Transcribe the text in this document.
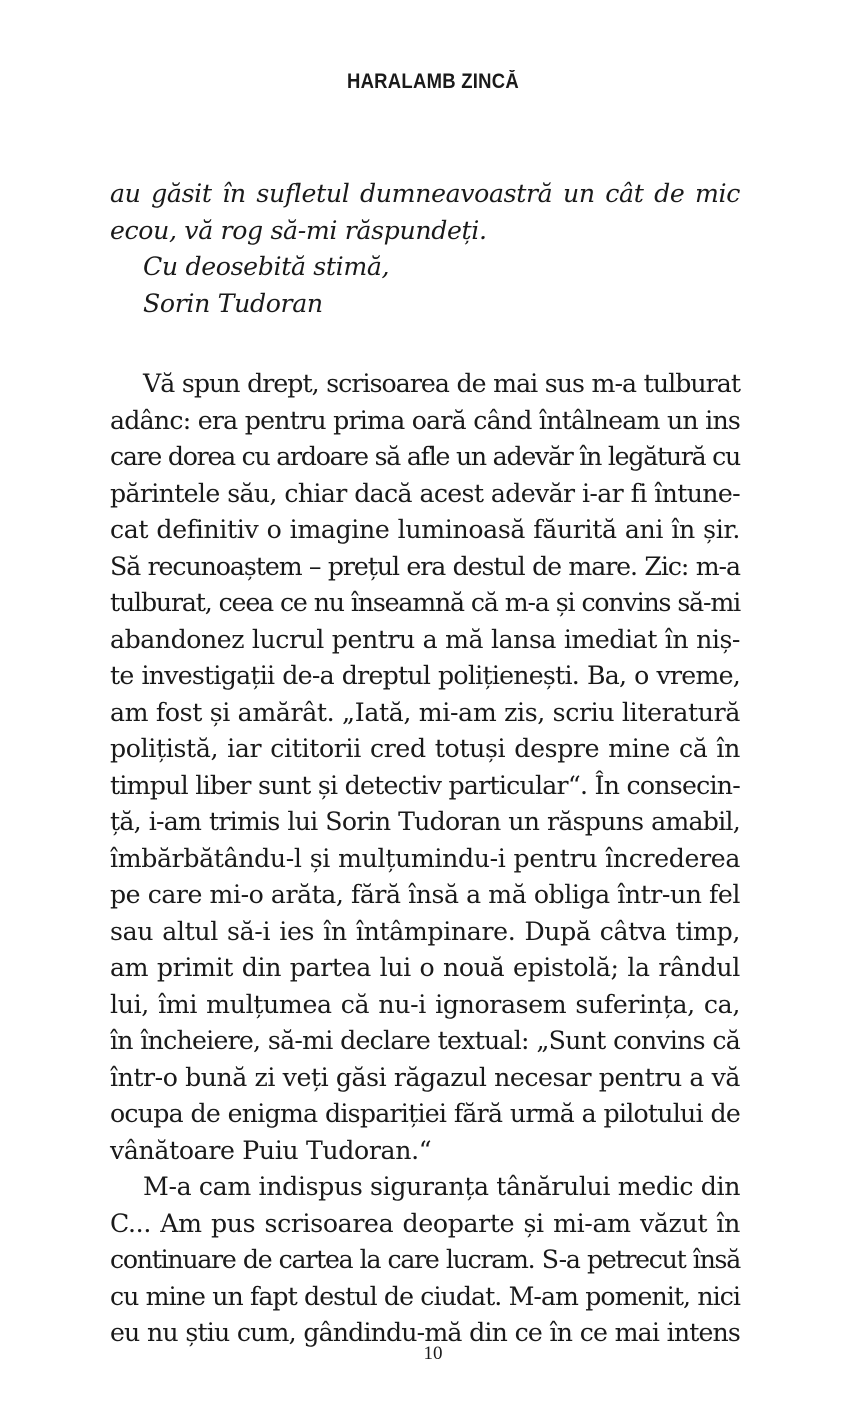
HARALAMB ZINCĂ
au găsit în sufletul dumneavoastră un cât de mic
ecou, vă rog să-mi răspundeți.
Cu deosebită stimă,
Sorin Tudoran
Vă spun drept, scrisoarea de mai sus m-a tulburat
adânc: era pentru prima oară când întâlneam un ins
care dorea cu ardoare să afle un adevăr în legătură cu
părintele său, chiar dacă acest adevăr i-ar fi întune-
cat definitiv o imagine luminoasă făurită ani în șir.
Să recunoaștem – prețul era destul de mare. Zic: m-a
tulburat, ceea ce nu înseamnă că m-a și convins să-mi
abandonez lucrul pentru a mă lansa imediat în niș-
te investigații de-a dreptul polițienești. Ba, o vreme,
am fost și amărât. „Iată, mi-am zis, scriu literatură
polițistă, iar cititorii cred totuși despre mine că în
timpul liber sunt și detectiv particular“. În consecin-
ță, i-am trimis lui Sorin Tudoran un răspuns amabil,
îmbărbătându-l și mulțumindu-i pentru încrederea
pe care mi-o arăta, fără însă a mă obliga într-un fel
sau altul să-i ies în întâmpinare. După câtva timp,
am primit din partea lui o nouă epistolă; la rândul
lui, îmi mulțumea că nu-i ignorasem suferința, ca,
în încheiere, să-mi declare textual: „Sunt convins că
într-o bună zi veți găsi răgazul necesar pentru a vă
ocupa de enigma dispariției fără urmă a pilotului de
vânătoare Puiu Tudoran.“
M-a cam indispus siguranța tânărului medic din
C... Am pus scrisoarea deoparte și mi-am văzut în
continuare de cartea la care lucram. S-a petrecut însă
cu mine un fapt destul de ciudat. M-am pomenit, nici
eu nu știu cum, gândindu-mă din ce în ce mai intens
10
